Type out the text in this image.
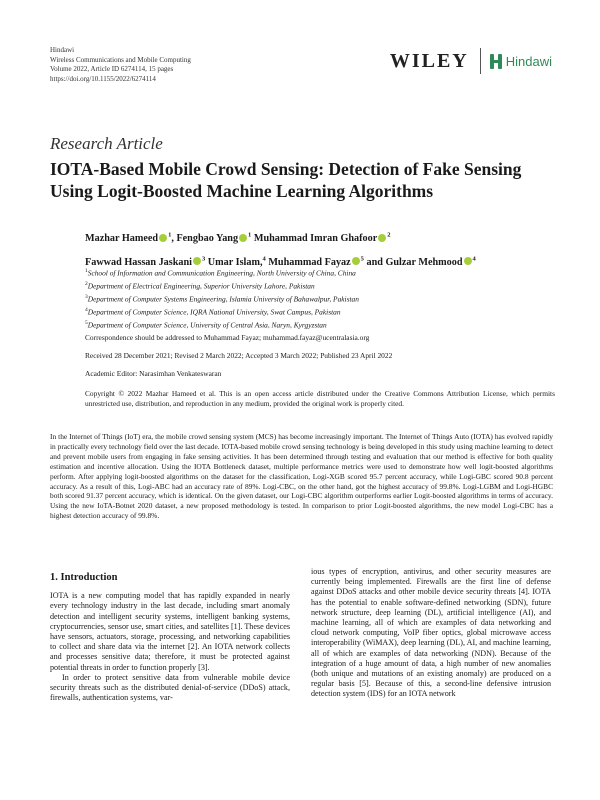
Hindawi
Wireless Communications and Mobile Computing
Volume 2022, Article ID 6274114, 15 pages
https://doi.org/10.1155/2022/6274114
WILEY	Hindawi
Research Article
IOTA-Based Mobile Crowd Sensing: Detection of Fake Sensing Using Logit-Boosted Machine Learning Algorithms
Mazhar Hameed $^1$, Fengbao Yang $^1$ Muhammad Imran Ghafoor $^2$
Fawwad Hassan Jaskani $^3$ Umar Islam,$^4$ Muhammad Fayaz $^5$ and Gulzar Mehmood $^4$
$^1$School of Information and Communication Engineering, North University of China, China
$^2$Department of Electrical Engineering, Superior University Lahore, Pakistan
$^3$Department of Computer Systems Engineering, Islamia University of Bahawalpur, Pakistan
$^4$Department of Computer Science, IQRA National University, Swat Campus, Pakistan
$^5$Department of Computer Science, University of Central Asia, Naryn, Kyrgyzstan
Correspondence should be addressed to Muhammad Fayaz; muhammad.fayaz@ucentralasia.org
Received 28 December 2021; Revised 2 March 2022; Accepted 3 March 2022; Published 23 April 2022
Academic Editor: Narasimhan Venkateswaran
Copyright © 2022 Mazhar Hameed et al. This is an open access article distributed under the Creative Commons Attribution License, which permits unrestricted use, distribution, and reproduction in any medium, provided the original work is properly cited.
In the Internet of Things (IoT) era, the mobile crowd sensing system (MCS) has become increasingly important. The Internet of Things Auto (IOTA) has evolved rapidly in practically every technology field over the last decade. IOTA-based mobile crowd sensing technology is being developed in this study using machine learning to detect and prevent mobile users from engaging in fake sensing activities. It has been determined through testing and evaluation that our method is effective for both quality estimation and incentive allocation. Using the IOTA Bottleneck dataset, multiple performance metrics were used to demonstrate how well logit-boosted algorithms perform. After applying logit-boosted algorithms on the dataset for the classification, Logi-XGB scored 95.7 percent accuracy, while Logi-GBC scored 90.8 percent accuracy. As a result of this, Logi-ABC had an accuracy rate of 89%. Logi-CBC, on the other hand, got the highest accuracy of 99.8%. Logi-LGBM and Logi-HGBC both scored 91.37 percent accuracy, which is identical. On the given dataset, our Logi-CBC algorithm outperforms earlier Logit-boosted algorithms in terms of accuracy. Using the new IoTA-Botnet 2020 dataset, a new proposed methodology is tested. In comparison to prior Logit-boosted algorithms, the new model Logi-CBC has a highest detection accuracy of 99.8%.
1. Introduction

IOTA is a new computing model that has rapidly expanded in nearly every technology industry in the last decade, including smart anomaly detection and intelligent security systems, intelligent banking systems, cryptocurrencies, sensor use, smart cities, and satellites [1]. These devices have sensors, actuators, storage, processing, and networking capabilities to collect and share data via the internet [2]. An IOTA network collects and processes sensitive data; therefore, it must be protected against potential threats in order to function properly [3].

In order to protect sensitive data from vulnerable mobile device security threats such as the distributed denial-of-service (DDoS) attack, firewalls, authentication systems, var-

ious types of encryption, antivirus, and other security measures are currently being implemented. Firewalls are the first line of defense against DDoS attacks and other mobile device security threats [4]. IOTA has the potential to enable software-defined networking (SDN), future network structure, deep learning (DL), artificial intelligence (AI), and machine learning, all of which are examples of data networking and cloud network computing, VoIP fiber optics, global microwave access interoperability (WiMAX), deep learning (DL), AI, and machine learning, all of which are examples of data networking (NDN). Because of the integration of a huge amount of data, a high number of new anomalies (both unique and mutations of an existing anomaly) are produced on a regular basis [5]. Because of this, a second-line defensive intrusion detection system (IDS) for an IOTA network
